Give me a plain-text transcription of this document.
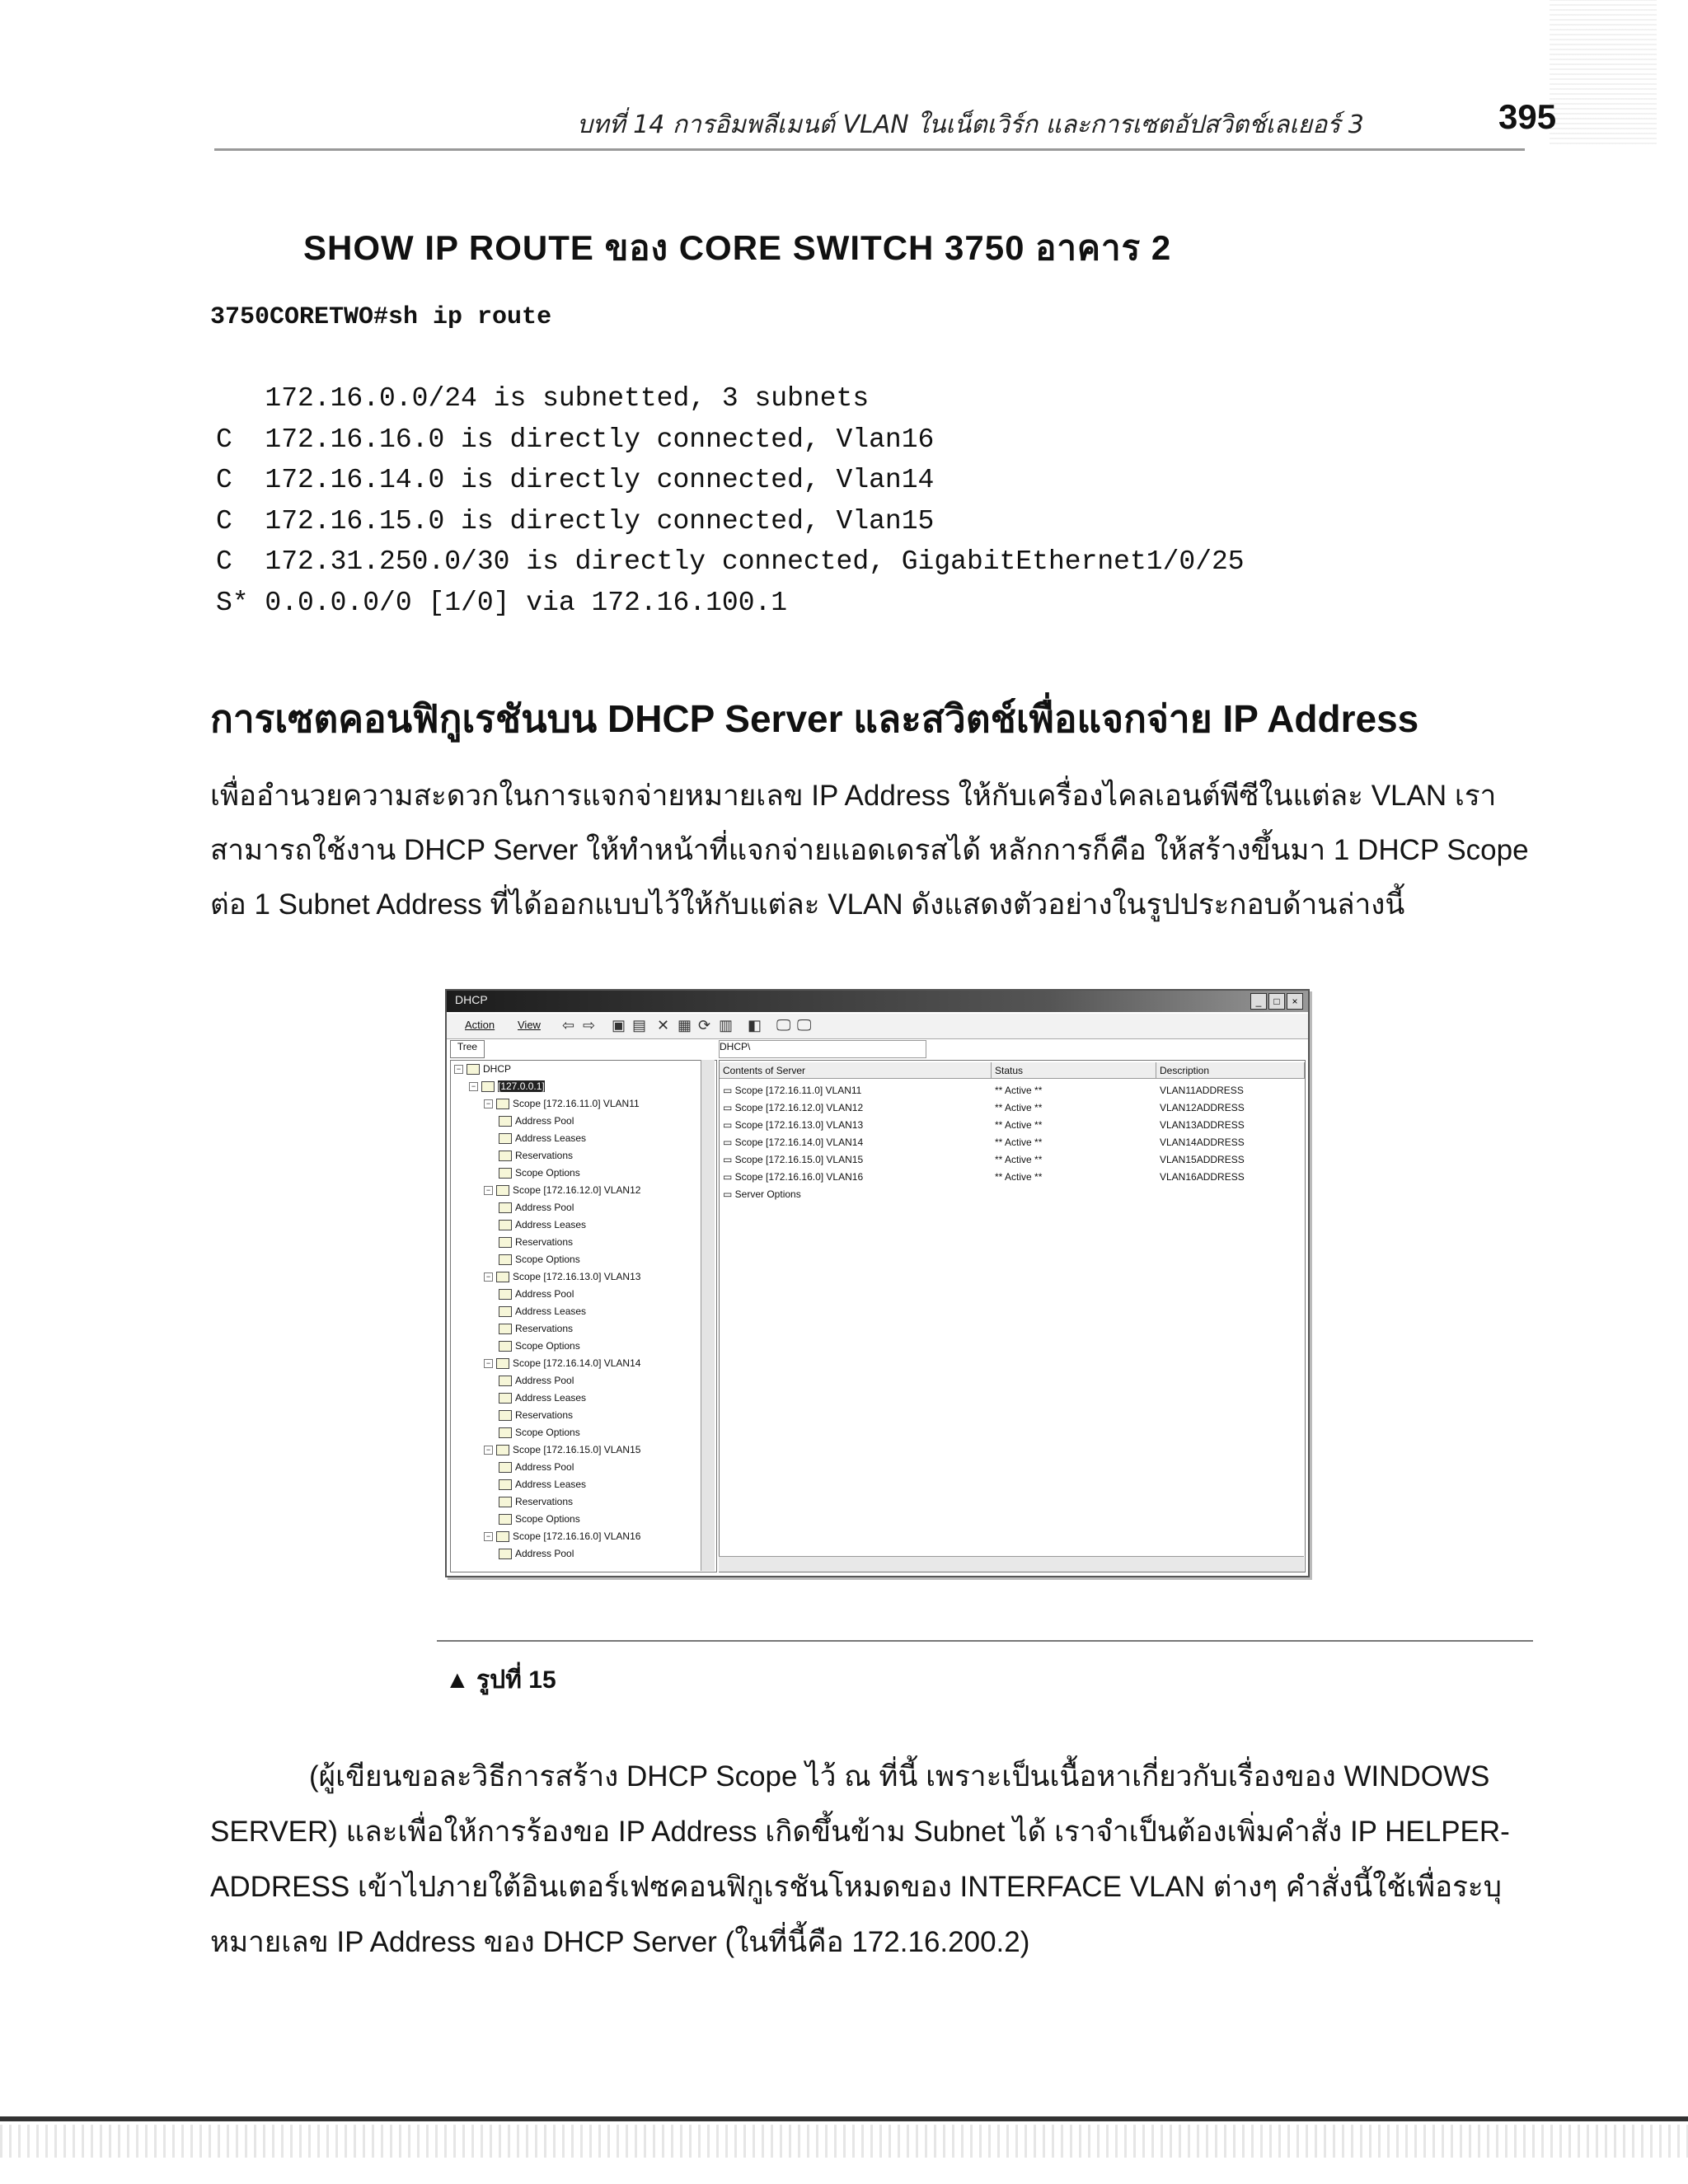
บทที่ 14 การอิมพลีเมนต์ VLAN ในเน็ตเวิร์ก และการเซตอัปสวิตช์เลเยอร์ 3	395
SHOW IP ROUTE ของ CORE SWITCH 3750 อาคาร 2
3750CORETWO#sh ip route
172.16.0.0/24 is subnetted, 3 subnets
C  172.16.16.0 is directly connected, Vlan16
C  172.16.14.0 is directly connected, Vlan14
C  172.16.15.0 is directly connected, Vlan15
C  172.31.250.0/30 is directly connected, GigabitEthernet1/0/25
S* 0.0.0.0/0 [1/0] via 172.16.100.1
การเซตคอนฟิกูเรชันบน DHCP Server และสวิตช์เพื่อแจกจ่าย IP Address
เพื่ออำนวยความสะดวกในการแจกจ่ายหมายเลข IP Address ให้กับเครื่องไคลเอนต์พีซีในแต่ละ VLAN เรา
สามารถใช้งาน DHCP Server ให้ทำหน้าที่แจกจ่ายแอดเดรสได้ หลักการก็คือ ให้สร้างขึ้นมา 1 DHCP Scope
ต่อ 1 Subnet Address ที่ได้ออกแบบไว้ให้กับแต่ละ VLAN ดังแสดงตัวอย่างในรูปประกอบด้านล่างนี้
DHCP	_	□	×
Action View ⇦ ⇨ ▣ ▤ ✕ ▦ ⟳ ▥ ◧ 🖵 🖵
Tree	DHCP\
− DHCP
− [127.0.0.1]
− Scope [172.16.11.0] VLAN11
Address Pool
Address Leases
Reservations
Scope Options
− Scope [172.16.12.0] VLAN12
Address Pool
Address Leases
Reservations
Scope Options
− Scope [172.16.13.0] VLAN13
Address Pool
Address Leases
Reservations
Scope Options
− Scope [172.16.14.0] VLAN14
Address Pool
Address Leases
Reservations
Scope Options
− Scope [172.16.15.0] VLAN15
Address Pool
Address Leases
Reservations
Scope Options
− Scope [172.16.16.0] VLAN16
Address Pool
Contents of Server	Status	Description
▭ Scope [172.16.11.0] VLAN11	** Active **	VLAN11ADDRESS
▭ Scope [172.16.12.0] VLAN12	** Active **	VLAN12ADDRESS
▭ Scope [172.16.13.0] VLAN13	** Active **	VLAN13ADDRESS
▭ Scope [172.16.14.0] VLAN14	** Active **	VLAN14ADDRESS
▭ Scope [172.16.15.0] VLAN15	** Active **	VLAN15ADDRESS
▭ Scope [172.16.16.0] VLAN16	** Active **	VLAN16ADDRESS
▭ Server Options
▲ รูปที่ 15
(ผู้เขียนขอละวิธีการสร้าง DHCP Scope ไว้ ณ ที่นี้ เพราะเป็นเนื้อหาเกี่ยวกับเรื่องของ WINDOWS
SERVER) และเพื่อให้การร้องขอ IP Address เกิดขึ้นข้าม Subnet ได้ เราจำเป็นต้องเพิ่มคำสั่ง IP HELPER-
ADDRESS เข้าไปภายใต้อินเตอร์เฟซคอนฟิกูเรชันโหมดของ INTERFACE VLAN ต่างๆ คำสั่งนี้ใช้เพื่อระบุ
หมายเลข IP Address ของ DHCP Server (ในที่นี้คือ 172.16.200.2)
